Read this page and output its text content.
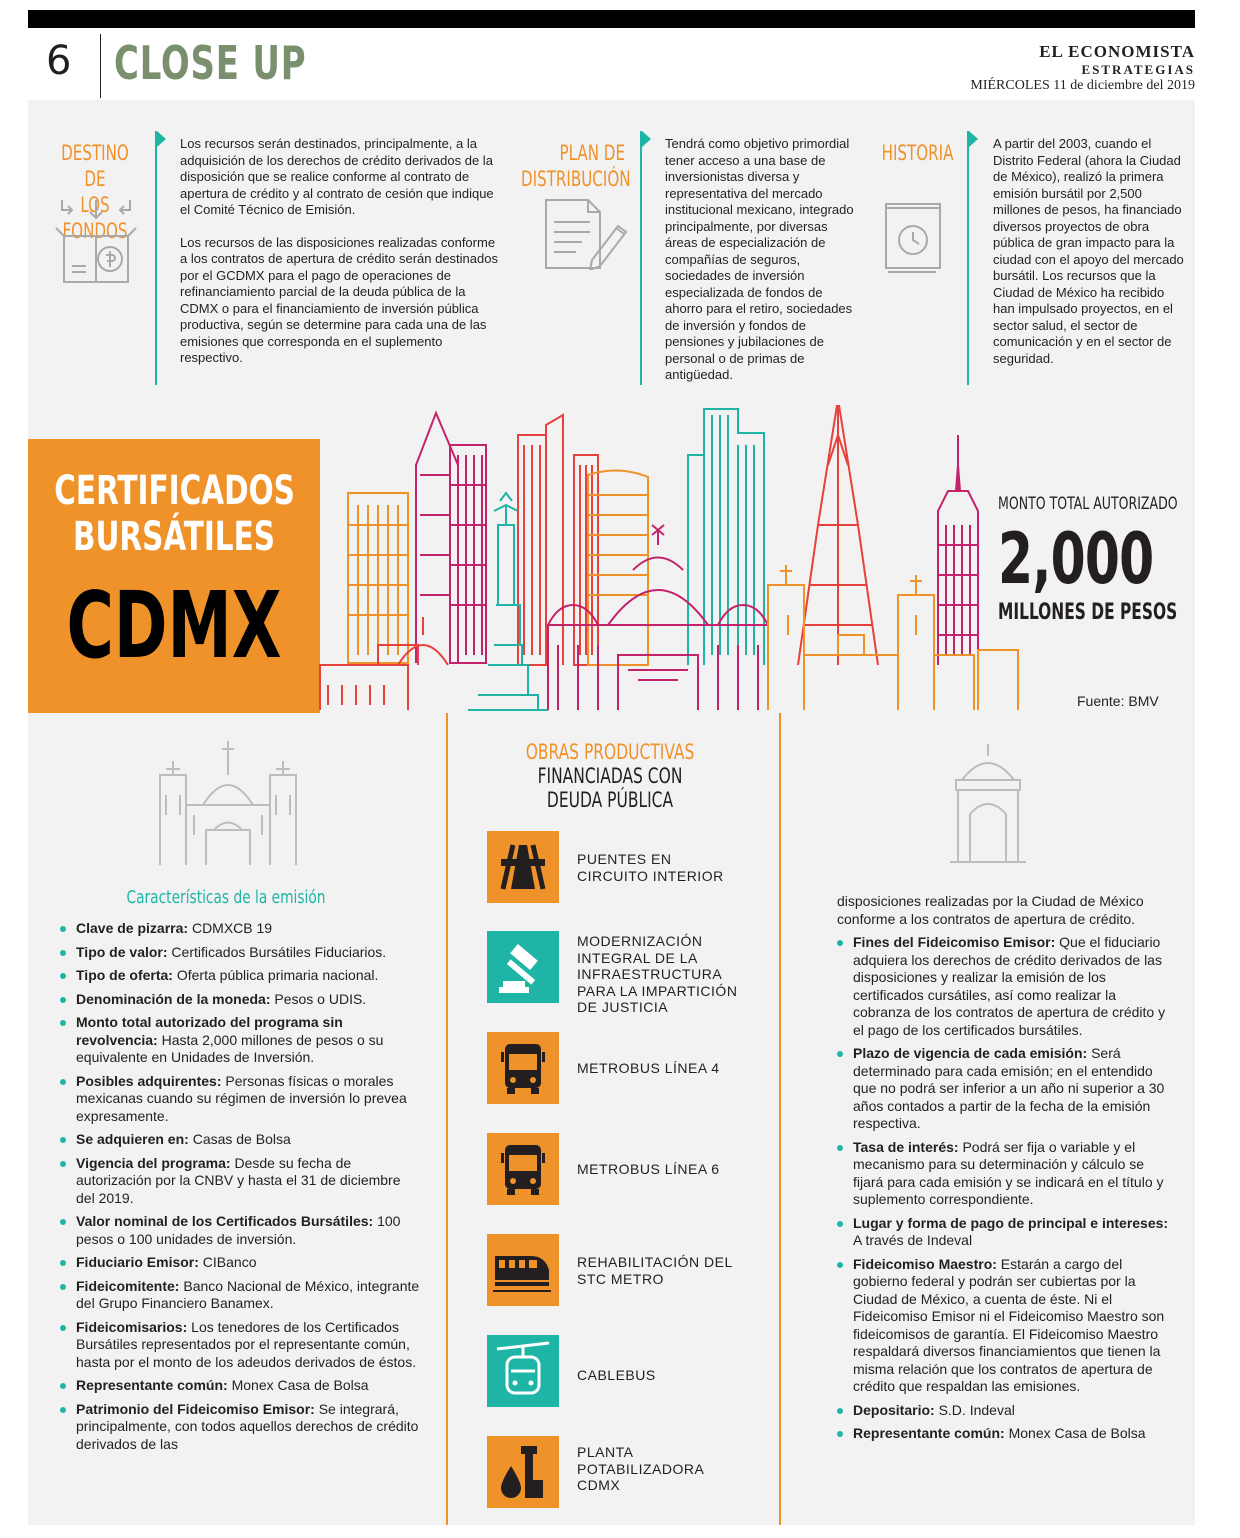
6 CLOSE UP	EL ECONOMISTA
ESTRATEGIAS
MIÉRCOLES 11 de diciembre del 2019
DESTINO DE
LOS FONDOS

Los recursos serán destinados, principalmente, a la adquisición de los derechos de crédito derivados de la disposición que se realice conforme al contrato de apertura de crédito y al contrato de cesión que indique el Comité Técnico de Emisión.

Los recursos de las disposiciones realizadas conforme a los contratos de apertura de crédito serán destinados por el GCDMX para el pago de operaciones de refinanciamiento parcial de la deuda pública de la CDMX o para el financiamiento de inversión pública productiva, según se determine para cada una de las emisiones que corresponda en el suplemento respectivo.

PLAN DE
DISTRIBUCIÓN

Tendrá como objetivo primordial tener acceso a una base de inversionistas diversa y representativa del mercado institucional mexicano, integrado principalmente, por diversas áreas de especialización de compañías de seguros, sociedades de inversión especializada de fondos de ahorro para el retiro, sociedades de inversión y fondos de pensiones y jubilaciones de personal o de primas de antigüedad.

HISTORIA	A partir del 2003, cuando el Distrito Federal (ahora la Ciudad de México), realizó la primera emisión bursátil por 2,500 millones de pesos, ha financiado diversos proyectos de obra pública de gran impacto para la ciudad con el apoyo del mercado bursátil. Los recursos que la Ciudad de México ha recibido han impulsado proyectos, en el sector salud, el sector de comunicación y en el sector de seguridad.

CERTIFICADOS
BURSÁTILES
CDMX
MONTO TOTAL AUTORIZADO
2,000
MILLONES DE PESOS
Fuente: BMV
Características de la emisión
Clave de pizarra: CDMXCB 19
Tipo de valor: Certificados Bursátiles Fiduciarios.
Tipo de oferta: Oferta pública primaria nacional.
Denominación de la moneda: Pesos o UDIS.
Monto total autorizado del programa sin revolvencia: Hasta 2,000 millones de pesos o su equivalente en Unidades de Inversión.
Posibles adquirentes: Personas físicas o morales mexicanas cuando su régimen de inversión lo prevea expresamente.
Se adquieren en: Casas de Bolsa
Vigencia del programa: Desde su fecha de autorización por la CNBV y hasta el 31 de diciembre del 2019.
Valor nominal de los Certificados Bursátiles: 100 pesos o 100 unidades de inversión.
Fiduciario Emisor: CIBanco
Fideicomitente: Banco Nacional de México, integrante del Grupo Financiero Banamex.
Fideicomisarios: Los tenedores de los Certificados Bursátiles representados por el representante común, hasta por el monto de los adeudos derivados de éstos.
Representante común: Monex Casa de Bolsa
Patrimonio del Fideicomiso Emisor: Se integrará, principalmente, con todos aquellos derechos de crédito derivados de las
OBRAS PRODUCTIVAS
FINANCIADAS CON
DEUDA PÚBLICA
PUENTES EN CIRCUITO INTERIOR
MODERNIZACIÓN INTEGRAL DE LA INFRAESTRUCTURA PARA LA IMPARTICIÓN DE JUSTICIA
METROBUS LÍNEA 4
METROBUS LÍNEA 6
REHABILITACIÓN DEL STC METRO
CABLEBUS
PLANTA POTABILIZADORA CDMX
disposiciones realizadas por la Ciudad de México conforme a los contratos de apertura de crédito.
Fines del Fideicomiso Emisor: Que el fiduciario adquiera los derechos de crédito derivados de las disposiciones y realizar la emisión de los certificados cursátiles, así como realizar la cobranza de los contratos de apertura de crédito y el pago de los certificados bursátiles.
Plazo de vigencia de cada emisión: Será determinado para cada emisión; en el entendido que no podrá ser inferior a un año ni superior a 30 años contados a partir de la fecha de la emisión respectiva.
Tasa de interés: Podrá ser fija o variable y el mecanismo para su determinación y cálculo se fijará para cada emisión y se indicará en el título y suplemento correspondiente.
Lugar y forma de pago de principal e intereses: A través de Indeval
Fideicomiso Maestro: Estarán a cargo del gobierno federal y podrán ser cubiertas por la Ciudad de México, a cuenta de éste. Ni el Fideicomiso Emisor ni el Fideicomiso Maestro son fideicomisos de garantía. El Fideicomiso Maestro respaldará diversos financiamientos que tienen la misma relación que los contratos de apertura de crédito que respaldan las emisiones.
Depositario: S.D. Indeval
Representante común: Monex Casa de Bolsa
